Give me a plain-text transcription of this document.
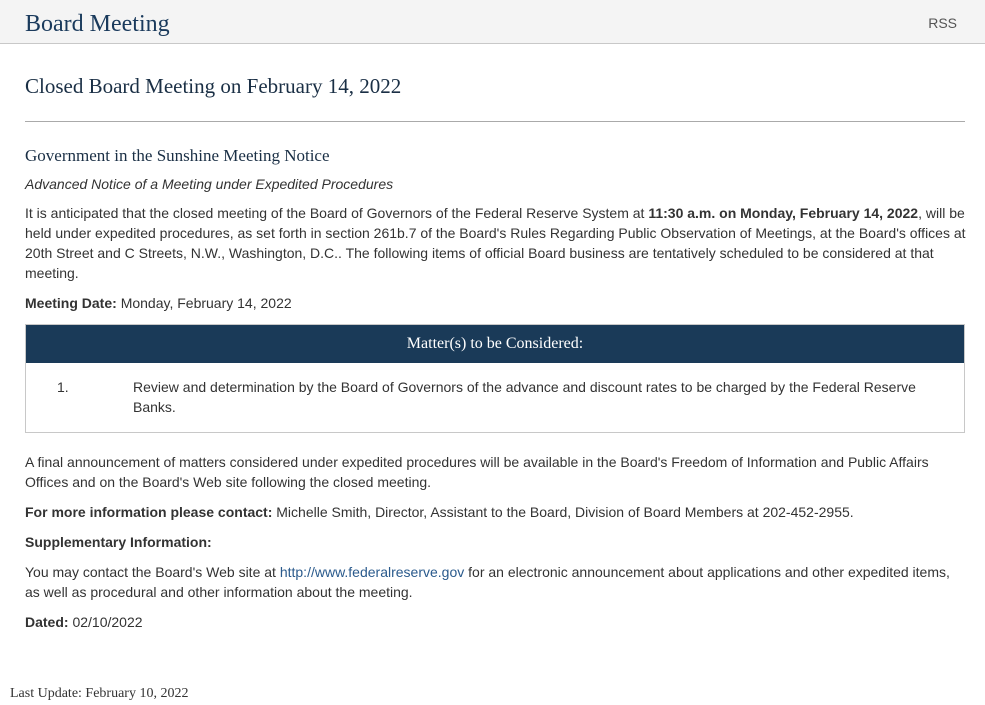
Board Meeting	RSS
Closed Board Meeting on February 14, 2022
Government in the Sunshine Meeting Notice
Advanced Notice of a Meeting under Expedited Procedures

It is anticipated that the closed meeting of the Board of Governors of the Federal Reserve System at 11:30 a.m. on Monday, February 14, 2022, will be held under expedited procedures, as set forth in section 261b.7 of the Board's Rules Regarding Public Observation of Meetings, at the Board's offices at 20th Street and C Streets, N.W., Washington, D.C.. The following items of official Board business are tentatively scheduled to be considered at that meeting.

Meeting Date: Monday, February 14, 2022

Matter(s) to be Considered:
1.	Review and determination by the Board of Governors of the advance and discount rates to be charged by the Federal Reserve Banks.

A final announcement of matters considered under expedited procedures will be available in the Board's Freedom of Information and Public Affairs Offices and on the Board's Web site following the closed meeting.

For more information please contact: Michelle Smith, Director, Assistant to the Board, Division of Board Members at 202-452-2955.

Supplementary Information:

You may contact the Board's Web site at http://www.federalreserve.gov for an electronic announcement about applications and other expedited items, as well as procedural and other information about the meeting.

Dated: 02/10/2022

Last Update: February 10, 2022
